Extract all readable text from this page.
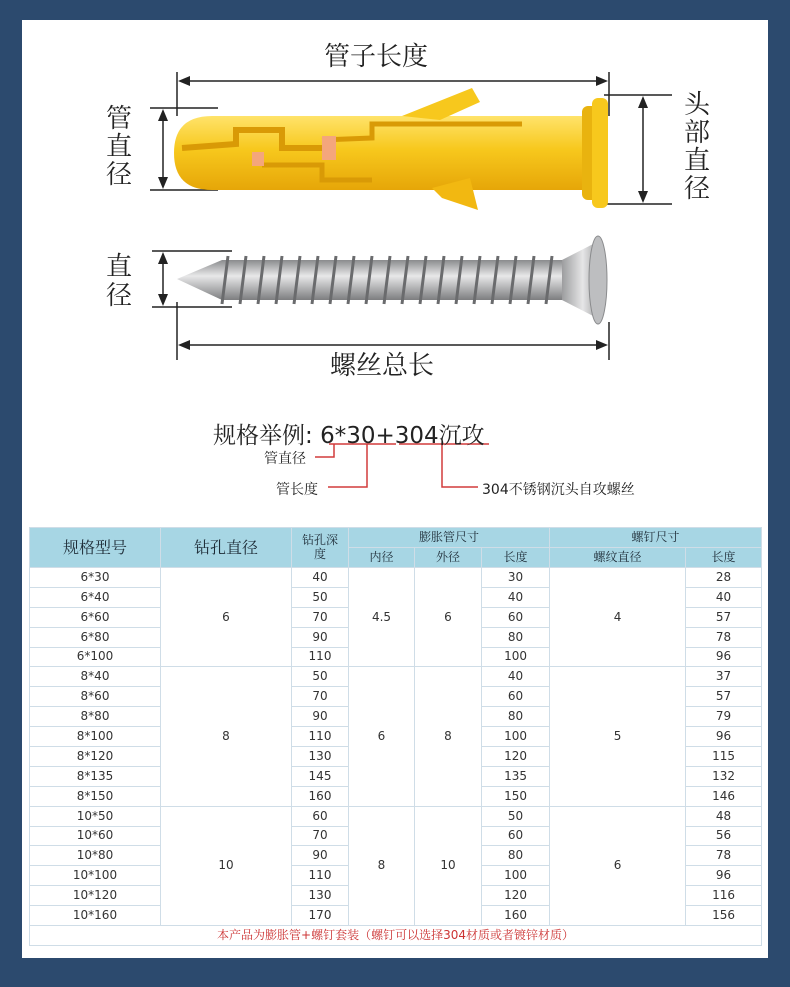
管子长度
管
直
径
头
部
直
径
直
径
螺丝总长
规格举例: 6*30+304沉攻
管直径
管长度	304不锈钢沉头自攻螺丝
规格型号	钻孔直径	钻孔深度	膨胀管尺寸			螺钉尺寸	
			内径	外径	长度	螺纹直径	长度
6*30	6	40	4.5	6	30	4	28
6*40		50			40		40
6*60		70			60		57
6*80		90			80		78
6*100		110			100		96
8*40	8	50	6	8	40	5	37
8*60		70			60		57
8*80		90			80		79
8*100		110			100		96
8*120		130			120		115
8*135		145			135		132
8*150		160			150		146
10*50	10	60	8	10	50	6	48
10*60		70			60		56
10*80		90			80		78
10*100		110			100		96
10*120		130			120		116
10*160		170			160		156
本产品为膨胀管+螺钉套装（螺钉可以选择304材质或者镀锌材质）							
